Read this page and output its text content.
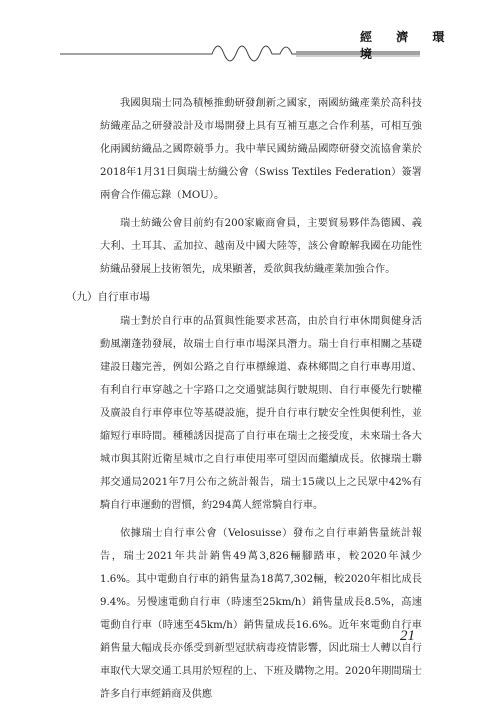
經 濟 環 境

我國與瑞士同為積極推動研發創新之國家，兩國紡織產業於高科技紡織產品之研發設計及市場開發上具有互補互惠之合作利基，可相互強化兩國紡織品之國際競爭力。我中華民國紡織品國際研發交流協會業於2018年1月31日與瑞士紡織公會（Swiss Textiles Federation）簽署兩會合作備忘錄（MOU）。

瑞士紡織公會目前約有200家廠商會員，主要貿易夥伴為德國、義大利、土耳其、孟加拉、越南及中國大陸等，該公會瞭解我國在功能性紡織品發展上技術領先，成果顯著，爰欲與我紡織產業加強合作。

（九）自行車市場

瑞士對於自行車的品質與性能要求甚高，由於自行車休閒與健身活動風潮蓬勃發展，故瑞士自行車市場深具潛力。瑞士自行車相關之基礎建設日趨完善，例如公路之自行車標線道、森林鄉間之自行車專用道、有利自行車穿越之十字路口之交通號誌與行駛規則、自行車優先行駛權及廣設自行車停車位等基礎設施，提升自行車行駛安全性與便利性，並縮短行車時間。種種誘因提高了自行車在瑞士之接受度，未來瑞士各大城市與其附近衛星城市之自行車使用率可望因而繼續成長。依據瑞士聯邦交通局2021年7月公布之統計報告，瑞士15歲以上之民眾中42%有騎自行車運動的習慣，約294萬人經常騎自行車。

依據瑞士自行車公會（Velosuisse）發布之自行車銷售量統計報告，瑞士2021年共計銷售49萬3,826輛腳踏車，較2020年減少1.6%。其中電動自行車的銷售量為18萬7,302輛，較2020年相比成長9.4%。另慢速電動自行車（時速至25km/h）銷售量成長8.5%，高速電動自行車（時速至45km/h）銷售量成長16.6%。近年來電動自行車銷售量大幅成長亦係受到新型冠狀病毒疫情影響，因此瑞士人轉以自行車取代大眾交通工具用於短程的上、下班及購物之用。2020年期間瑞士許多自行車經銷商及供應

21
